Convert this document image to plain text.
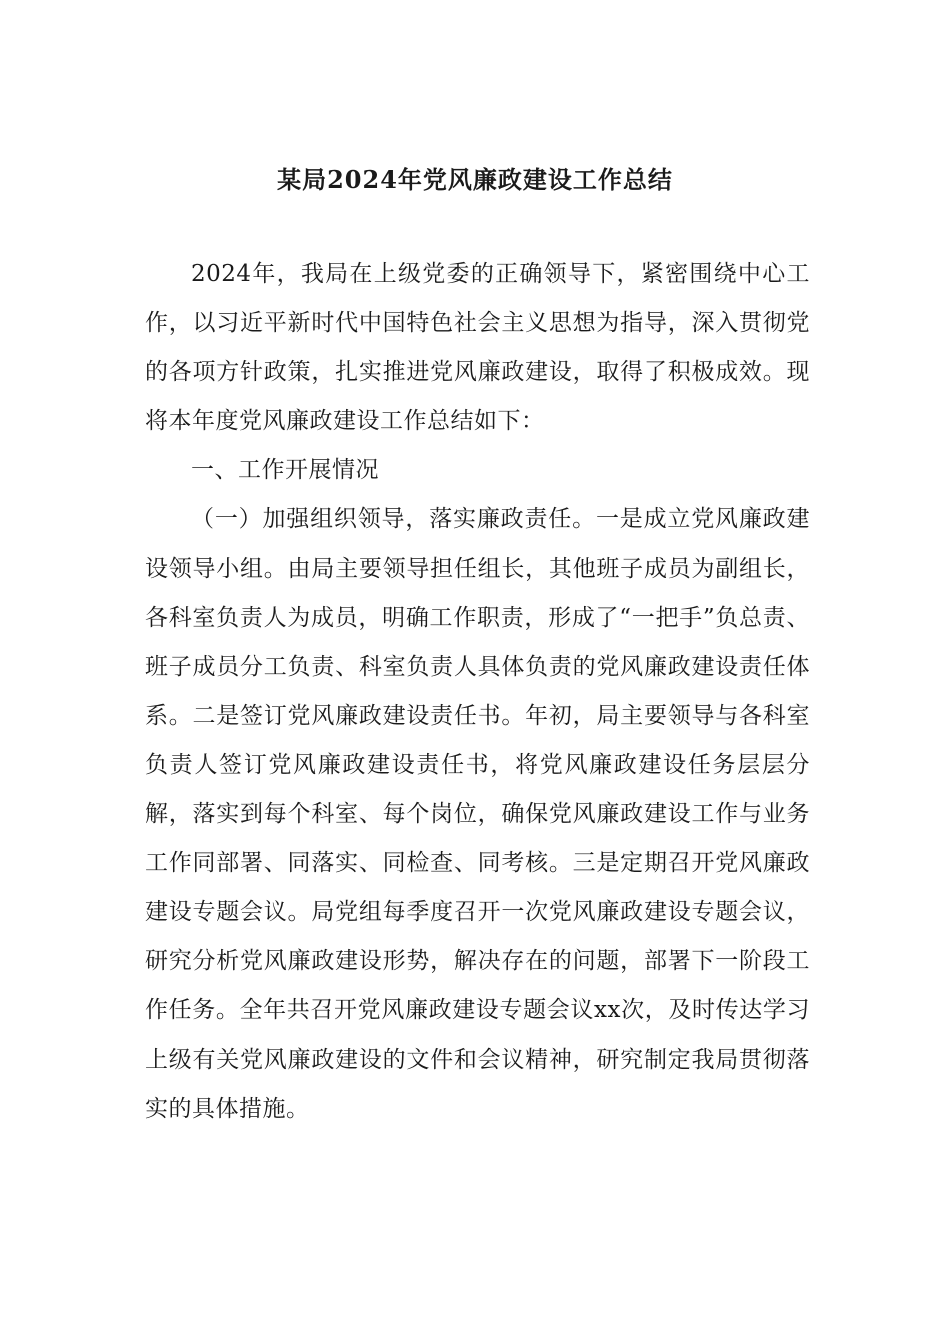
某局2024年党风廉政建设工作总结

2024年，我局在上级党委的正确领导下，紧密围绕中心工作，以习近平新时代中国特色社会主义思想为指导，深入贯彻党的各项方针政策，扎实推进党风廉政建设，取得了积极成效。现将本年度党风廉政建设工作总结如下：

一、工作开展情况

（一）加强组织领导，落实廉政责任。一是成立党风廉政建设领导小组。由局主要领导担任组长，其他班子成员为副组长，各科室负责人为成员，明确工作职责，形成了“一把手”负总责、班子成员分工负责、科室负责人具体负责的党风廉政建设责任体系。二是签订党风廉政建设责任书。年初，局主要领导与各科室负责人签订党风廉政建设责任书，将党风廉政建设任务层层分解，落实到每个科室、每个岗位，确保党风廉政建设工作与业务工作同部署、同落实、同检查、同考核。三是定期召开党风廉政建设专题会议。局党组每季度召开一次党风廉政建设专题会议，研究分析党风廉政建设形势，解决存在的问题，部署下一阶段工作任务。全年共召开党风廉政建设专题会议xx次，及时传达学习上级有关党风廉政建设的文件和会议精神，研究制定我局贯彻落实的具体措施。
